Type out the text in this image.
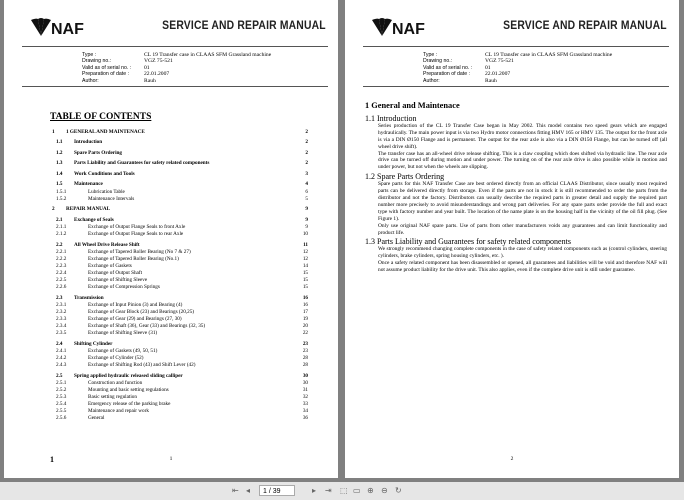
NAF	SERVICE AND REPAIR MANUAL
Type :	CL 19 Transfer case in CLAAS SFM Grassland machine
Drawing no.:	VGZ 75-521
Valid as of serial no. :	01
Preparation of date :	22.01.2007
Author:	Rauh
TABLE OF CONTENTS
1 1 GENERAL AND MAINTENACE	2
1.1 Introduction	2
1.2 Spare Parts Ordering	2
1.3 Parts Liability and Guarantees for safety related components	2
1.4 Work Conditions and Tools	3
1.5 Maintenance	4
1.5.1	Lubrication Table	6
1.5.2	Maintenance Intervals	5
2 REPAIR MANUAL	9
2.1 Exchange of Seals	9
2.1.1	Exchange of Output Flange Seals to front Axle	9
2.1.2	Exchange of Output Flange Seals to rear Axle	10
2.2 All Wheel Drive Release Shift	11
2.2.1	Exchange of Tapered Roller Bearing (No 7 & 27)	12
2.2.2	Exchange of Tapered Roller Bearing (No.1)	12
2.2.3	Exchange of Gaskets	14
2.2.4	Exchange of Output Shaft	15
2.2.5	Exchange of Shifting Sleeve	15
2.2.6	Exchange of Compression Springs	15
2.3 Transmission	16
2.3.1	Exchange of Input Pinion (3) and Bearing (4)	16
2.3.2	Exchange of Gear Block (23) and Bearings (20,25)	17
2.3.3	Exchange of Gear (29) and Bearings (27, 30)	19
2.3.4	Exchange of Shaft (36), Gear (33) and Bearings (32, 35)	20
2.3.5	Exchange of Shifting Sleeve (31)	22
2.4 Shifting Cylinder	23
2.4.1	Exchange of Gaskets (49, 50, 51)	23
2.4.2	Exchange of Cylinder (52)	28
2.4.3	Exchange of Shifting Rod (43) and Shift Lever (42)	28
2.5 Spring applied hydraulic released sliding calliper	30
2.5.1	Construction and function	30
2.5.2	Mounting and basic setting regulations	31
2.5.3	Basic setting regulation	32
2.5.4	Emergency release of the parking brake	33
2.5.5	Maintenance and repair work	34
2.5.6	General	36
1	1
NAF	SERVICE AND REPAIR MANUAL
Type :	CL 19 Transfer case in CLAAS SFM Grassland machine
Drawing no.:	VGZ 75-521
Valid as of serial no. :	01
Preparation of date :	22.01.2007
Author:	Rauh
1 General and Maintenace
1.1 Introduction
Series production of the CL 19 Transfer Case began in May 2002. This model contains two speed gears which are engaged hydraulically. The main power input is via two Hydro motor connections fitting HMV 165 or HMV 135. The output for the front axle is via a DIN Ø150 Flange and is permanent. The output for the rear axle is also via a DIN Ø150 Flange, but can be turned off (all wheel drive shift).
The transfer case has an all-wheel drive release shifting. This is a claw coupling which does shifted via hydraulic line. The rear axle drive can be turned off during motion and under power. The turning on of the rear axle drive is also possible while in motion and under power, but not when the wheels are slipping.
1.2 Spare Parts Ordering
Spare parts for this NAF Transfer Case are best ordered directly from an official CLAAS Distributor, since usually most required parts can be delivered directly from storage. Even if the parts are not in stock it is still recommended to order the parts from the distributor and not the factory. Distributors can usually describe the required parts in greater detail and supply the required part number more precisely to avoid misunderstandings and wrong part deliveries. For any spare parts order provide the full and exact type with factory number and year built. The location of the name plate is on the housing half in the vicinity of the oil fill plug. (See Figure 1).
Only use original NAF spare parts. Use of parts from other manufacturers voids any guarantees and can limit functionality and product life.
1.3 Parts Liability and Guarantees for safety related components
We strongly recommend changing complete components in the case of safety related components such as (control cylinders, steering cylinders, brake cylinders, spring housing cylinders, etc. ).
Once a safety related component has been disassembled or opened, all guarantees and liabilities will be void and therefore NAF will not assume product liability for the drive unit. This also applies, even if the complete drive unit is still under guarantee.
2
⇤ ◂	1 / 39	▸ ⇥ ⬚ ▭ ⊕ ⊖ ↻
